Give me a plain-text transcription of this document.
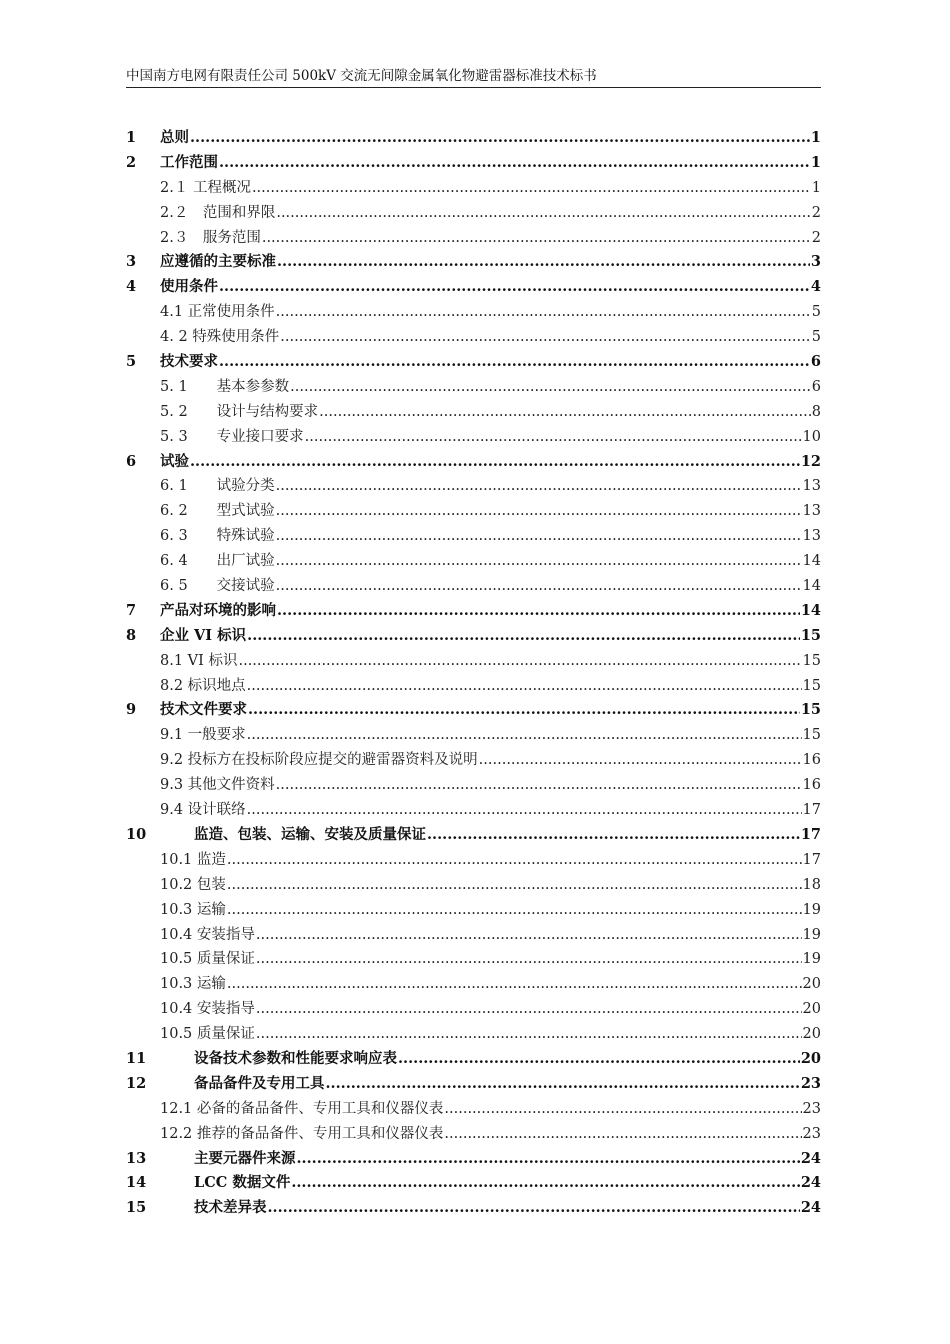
中国南方电网有限责任公司 500kV 交流无间隙金属氧化物避雷器标准技术标书
1 总则 .....	1
2 工作范围 .....	1
2.１ 工程概况 .....	1
2.２　范围和界限 .....	2
2.３　服务范围 .....	2
3 应遵循的主要标准 .....	3
4 使用条件 .....	4
4.1 正常使用条件 .....	5
4. 2 特殊使用条件 .....	5
5 技术要求 .....	6
5. 1　　基本参参数 .....	6
5. 2　　设计与结构要求 .....	8
5. 3　　专业接口要求 .....	10
6 试验 .....	12
6. 1　　试验分类 .....	13
6. 2　　型式试验 .....	13
6. 3　　特殊试验 .....	13
6. 4　　出厂试验 .....	14
6. 5　　交接试验 .....	14
7 产品对环境的影响 .....	14
8 企业 VI 标识 .....	15
8.1 VI 标识 .....	15
8.2 标识地点 .....	15
9 技术文件要求 .....	15
9.1 一般要求 .....	15
9.2 投标方在投标阶段应提交的避雷器资料及说明 .....	16
9.3 其他文件资料 .....	16
9.4 设计联络 .....	17
10	监造、包装、运输、安装及质量保证 .....	17
10.1 监造 .....	17
10.2 包装 .....	18
10.3 运输 .....	19
10.4 安装指导 .....	19
10.5 质量保证 .....	19
10.3 运输 .....	20
10.4 安装指导 .....	20
10.5 质量保证 .....	20
11	设备技术参数和性能要求响应表 .....	20
12	备品备件及专用工具 .....	23
12.1 必备的备品备件、专用工具和仪器仪表 .....	23
12.2 推荐的备品备件、专用工具和仪器仪表 .....	23
13	主要元器件来源 .....	24
14	LCC 数据文件 .....	24
15	技术差异表 .....	24
